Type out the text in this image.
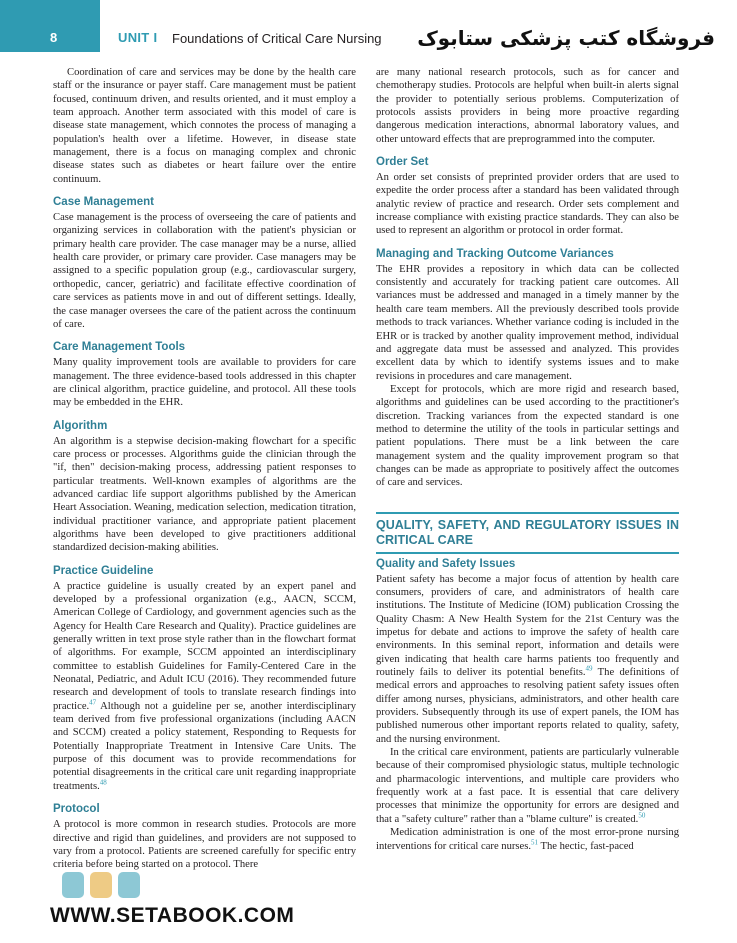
8	UNIT I Foundations of Critical Care Nursing فروشگاه کتب پزشکی ستابوک

Coordination of care and services may be done by the health care staff or the insurance or payer staff. Care management must be patient focused, continuum driven, and results oriented, and it must employ a team approach. Another term associated with this model of care is disease state management, which connotes the process of managing a population's health over a lifetime. However, in disease state management, there is a focus on managing complex and chronic disease states such as diabetes or heart failure over the entire continuum.

Case Management

Case management is the process of overseeing the care of patients and organizing services in collaboration with the patient's physician or primary health care provider. The case manager may be a nurse, allied health care provider, or primary care provider. Case managers may be assigned to a specific population group (e.g., cardiovascular surgery, orthopedic, cancer, geriatric) and facilitate effective coordination of care services as patients move in and out of different settings. Ideally, the case manager oversees the care of the patient across the continuum of care.

Care Management Tools

Many quality improvement tools are available to providers for care management. The three evidence-based tools addressed in this chapter are clinical algorithm, practice guideline, and protocol. All these tools may be embedded in the EHR.

Algorithm

An algorithm is a stepwise decision-making flowchart for a specific care process or processes. Algorithms guide the clinician through the "if, then" decision-making process, addressing patient responses to particular treatments. Well-known examples of algorithms are the advanced cardiac life support algorithms published by the American Heart Association. Weaning, medication selection, medication titration, individual practitioner variance, and appropriate patient placement algorithms have been developed to give practitioners additional standardized decision-making abilities.

Practice Guideline

A practice guideline is usually created by an expert panel and developed by a professional organization (e.g., AACN, SCCM, American College of Cardiology, and government agencies such as the Agency for Health Care Research and Quality). Practice guidelines are generally written in text prose style rather than in the flowchart format of algorithms. For example, SCCM appointed an interdisciplinary committee to establish Guidelines for Family-Centered Care in the Neonatal, Pediatric, and Adult ICU (2016). They recommended future research and development of tools to translate research findings into practice.$^{47}$ Although not a guideline per se, another interdisciplinary team derived from five professional organizations (including AACN and SCCM) created a policy statement, Responding to Requests for Potentially Inappropriate Treatment in Intensive Care Units. The purpose of this document was to provide recommendations for potential disagreements in the critical care unit regarding inappropriate treatments.$^{48}$

Protocol

A protocol is more common in research studies. Protocols are more directive and rigid than guidelines, and providers are not supposed to vary from a protocol. Patients are screened carefully for specific entry criteria before being started on a protocol. There

are many national research protocols, such as for cancer and chemotherapy studies. Protocols are helpful when built-in alerts signal the provider to potentially serious problems. Computerization of protocols assists providers in being more proactive regarding dangerous medication interactions, abnormal laboratory values, and other untoward effects that are preprogrammed into the computer.

Order Set

An order set consists of preprinted provider orders that are used to expedite the order process after a standard has been validated through analytic review of practice and research. Order sets complement and increase compliance with existing practice standards. They can also be used to represent an algorithm or protocol in order format.

Managing and Tracking Outcome Variances

The EHR provides a repository in which data can be collected consistently and accurately for tracking patient care outcomes. All variances must be addressed and managed in a timely manner by the health care team members. All the previously described tools provide methods to track variances. Whether variance coding is included in the EHR or is tracked by another quality improvement method, individual and aggregate data must be assessed and analyzed. This provides excellent data by which to identify systems issues and to make revisions in procedures and care management.

Except for protocols, which are more rigid and research based, algorithms and guidelines can be used according to the practitioner's discretion. Tracking variances from the expected standard is one method to determine the utility of the tools in particular settings and patient populations. There must be a link between the care management system and the quality improvement program so that changes can be made as appropriate to positively affect the outcomes of care and services.

QUALITY, SAFETY, AND REGULATORY ISSUES IN CRITICAL CARE
Quality and Safety Issues

Patient safety has become a major focus of attention by health care consumers, providers of care, and administrators of health care institutions. The Institute of Medicine (IOM) publication Crossing the Quality Chasm: A New Health System for the 21st Century was the impetus for debate and actions to improve the safety of health care environments. In this seminal report, information and details were given indicating that health care harms patients too frequently and routinely fails to deliver its potential benefits.$^{49}$ The definitions of medical errors and approaches to resolving patient safety issues often differ among nurses, physicians, administrators, and other health care providers. Subsequently through its use of expert panels, the IOM has published numerous other important reports related to quality, safety, and the nursing environment.

In the critical care environment, patients are particularly vulnerable because of their compromised physiologic status, multiple technologic and pharmacologic interventions, and multiple care providers who frequently work at a fast pace. It is essential that care delivery processes that minimize the opportunity for errors are designed and that a "safety culture" rather than a "blame culture" is created.$^{50}$

Medication administration is one of the most error-prone nursing interventions for critical care nurses.$^{51}$ The hectic, fast-paced

WWW.SETABOOK.COM
